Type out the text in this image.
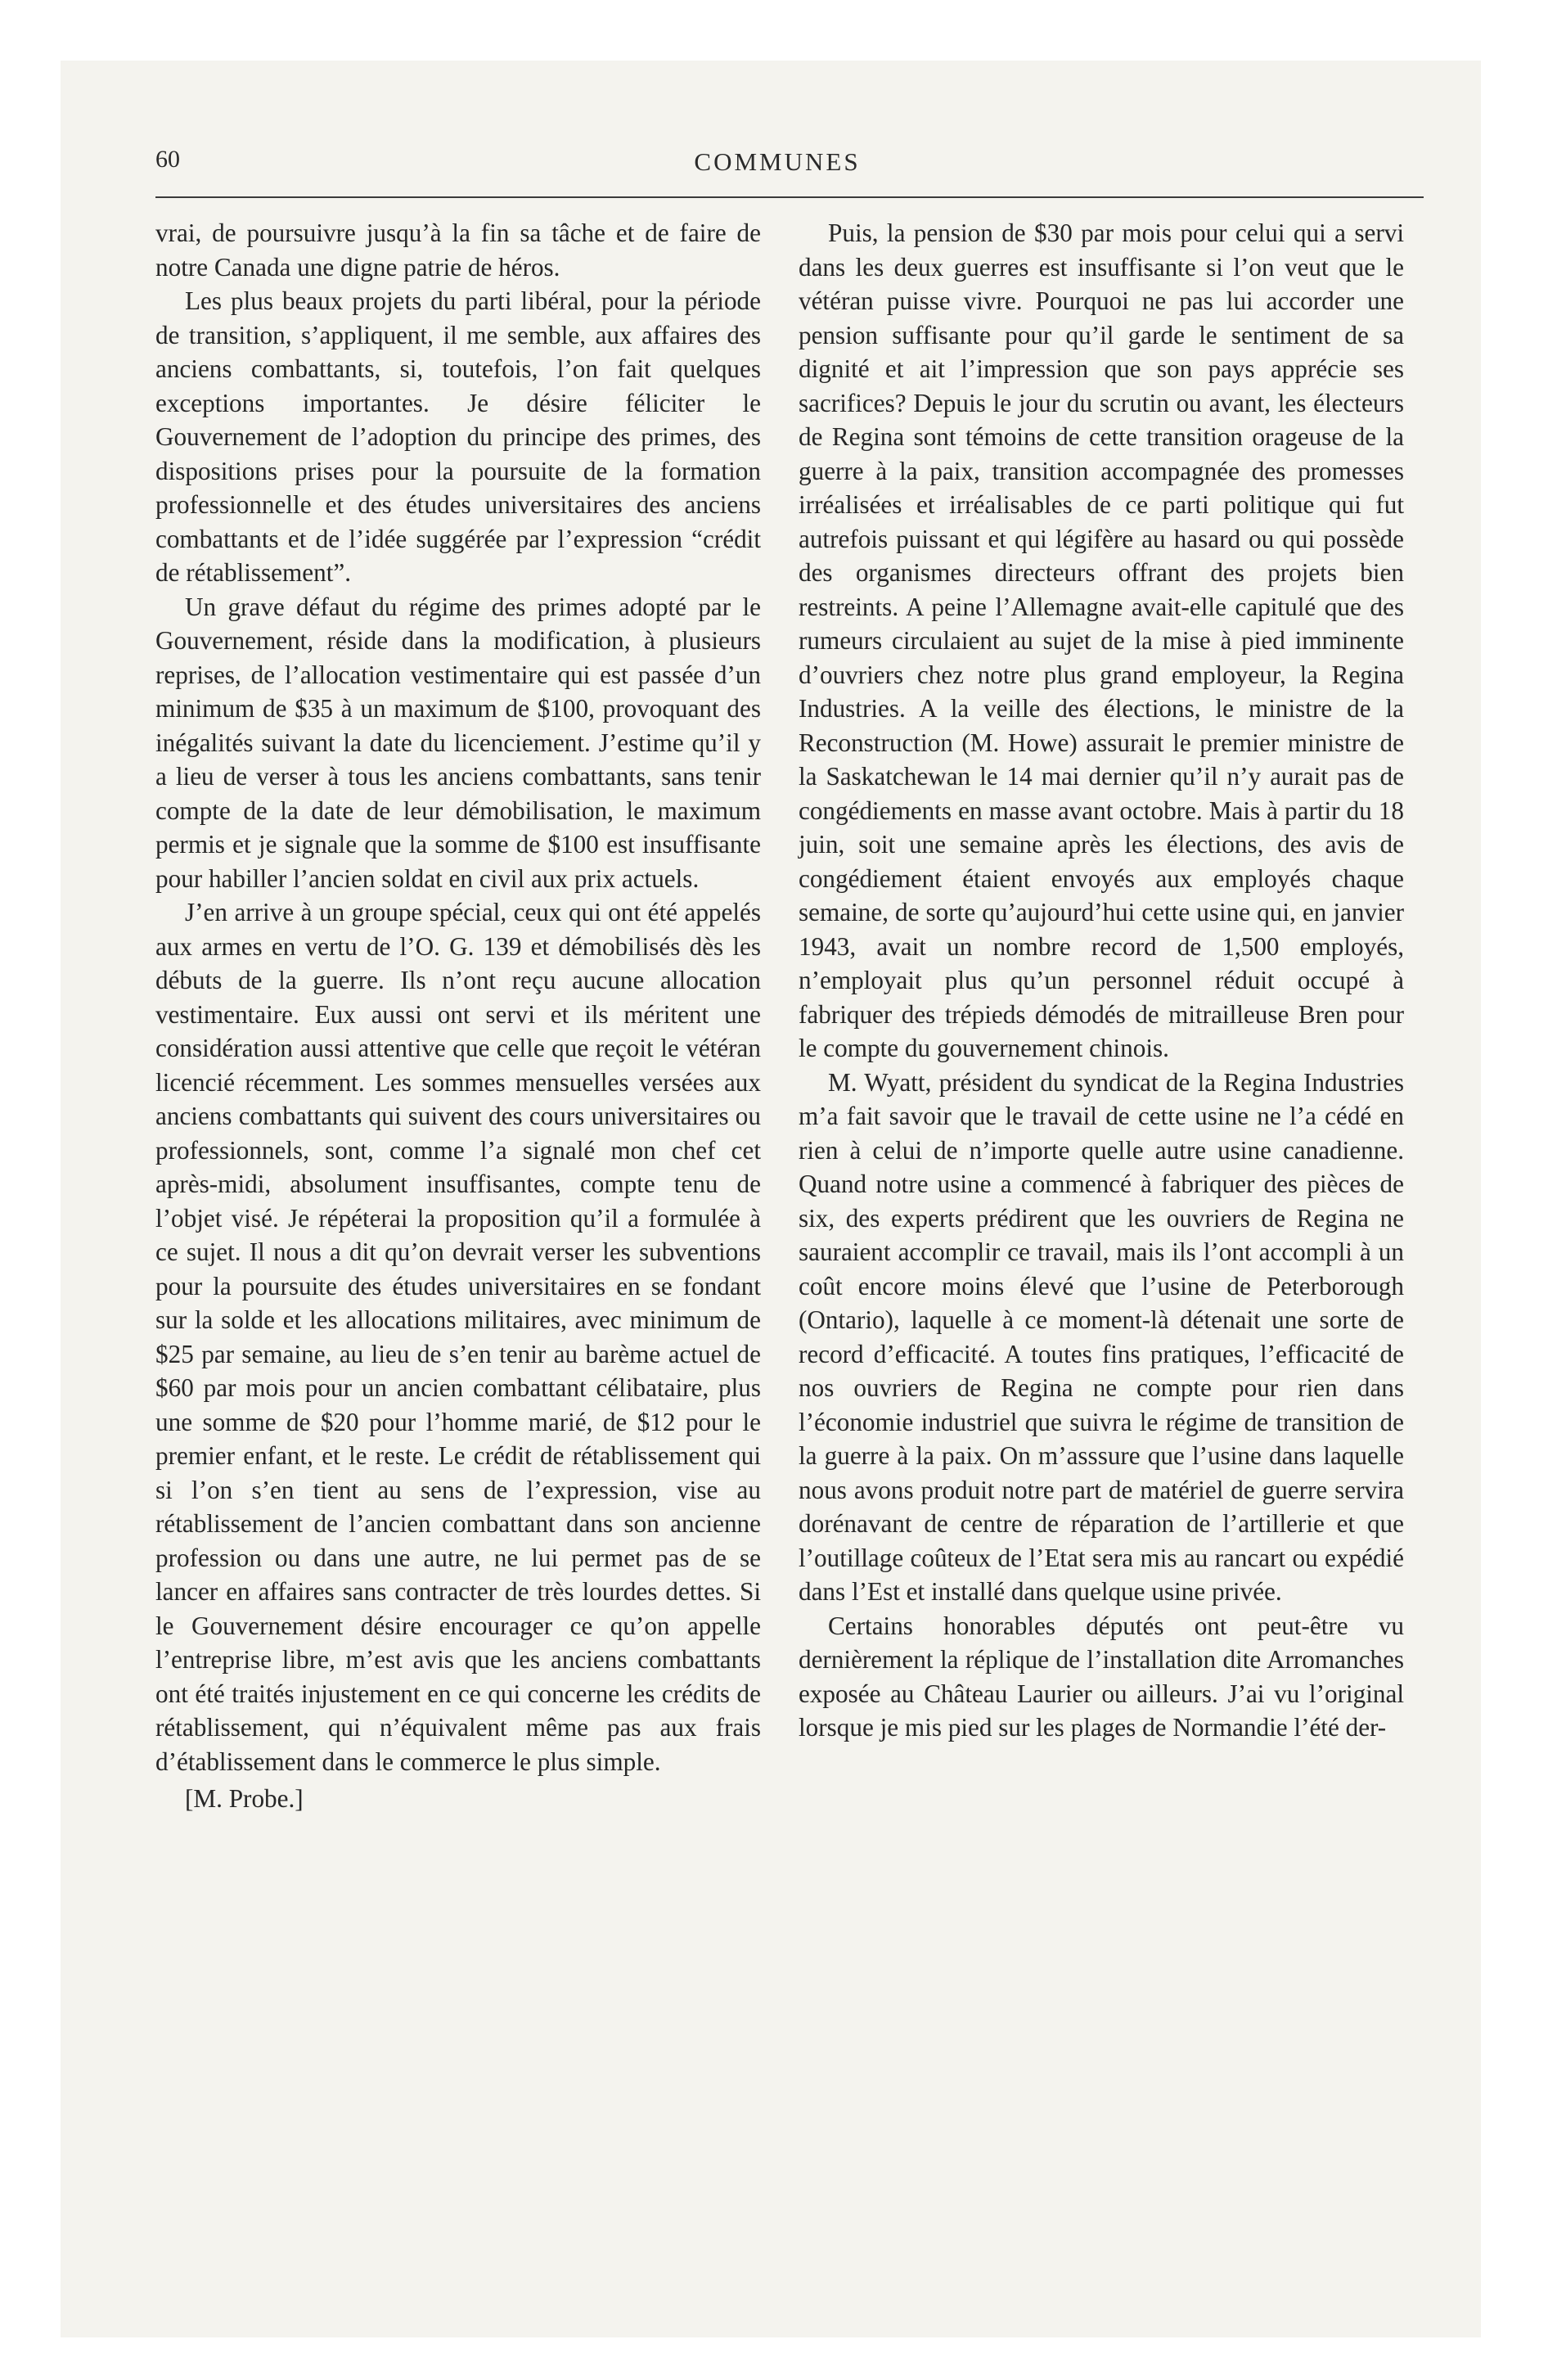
60	COMMUNES

vrai, de poursuivre jusqu’à la fin sa tâche et de faire de notre Canada une digne patrie de héros.

Les plus beaux projets du parti libéral, pour la période de transition, s’appliquent, il me semble, aux affaires des anciens combattants, si, toutefois, l’on fait quelques exceptions importantes. Je désire féliciter le Gouvernement de l’adoption du principe des primes, des dispositions prises pour la poursuite de la formation professionnelle et des études universitaires des anciens combattants et de l’idée suggérée par l’expression “crédit de rétablissement”.

Un grave défaut du régime des primes adopté par le Gouvernement, réside dans la modification, à plusieurs reprises, de l’allocation vestimentaire qui est passée d’un minimum de $35 à un maximum de $100, provoquant des inégalités suivant la date du licenciement. J’estime qu’il y a lieu de verser à tous les anciens combattants, sans tenir compte de la date de leur démobilisation, le maximum permis et je signale que la somme de $100 est insuffisante pour habiller l’ancien soldat en civil aux prix actuels.

J’en arrive à un groupe spécial, ceux qui ont été appelés aux armes en vertu de l’O. G. 139 et démobilisés dès les débuts de la guerre. Ils n’ont reçu aucune allocation vestimentaire. Eux aussi ont servi et ils méritent une considération aussi attentive que celle que reçoit le vétéran licencié récemment. Les sommes mensuelles versées aux anciens combattants qui suivent des cours universitaires ou professionnels, sont, comme l’a signalé mon chef cet après-midi, absolument insuffisantes, compte tenu de l’objet visé. Je répéterai la proposition qu’il a formulée à ce sujet. Il nous a dit qu’on devrait verser les subventions pour la poursuite des études universitaires en se fondant sur la solde et les allocations militaires, avec minimum de $25 par semaine, au lieu de s’en tenir au barème actuel de $60 par mois pour un ancien combattant célibataire, plus une somme de $20 pour l’homme marié, de $12 pour le premier enfant, et le reste. Le crédit de rétablissement qui si l’on s’en tient au sens de l’expression, vise au rétablissement de l’ancien combattant dans son ancienne profession ou dans une autre, ne lui permet pas de se lancer en affaires sans contracter de très lourdes dettes. Si le Gouvernement désire encourager ce qu’on appelle l’entreprise libre, m’est avis que les anciens combattants ont été traités injustement en ce qui concerne les crédits de rétablissement, qui n’équivalent même pas aux frais d’établissement dans le commerce le plus simple.

[M. Probe.]

Puis, la pension de $30 par mois pour celui qui a servi dans les deux guerres est insuffisante si l’on veut que le vétéran puisse vivre. Pourquoi ne pas lui accorder une pension suffisante pour qu’il garde le sentiment de sa dignité et ait l’impression que son pays apprécie ses sacrifices? Depuis le jour du scrutin ou avant, les électeurs de Regina sont témoins de cette transition orageuse de la guerre à la paix, transition accompagnée des promesses irréalisées et irréalisables de ce parti politique qui fut autrefois puissant et qui légifère au hasard ou qui possède des organismes directeurs offrant des projets bien restreints. A peine l’Allemagne avait-elle capitulé que des rumeurs circulaient au sujet de la mise à pied imminente d’ouvriers chez notre plus grand employeur, la Regina Industries. A la veille des élections, le ministre de la Reconstruction (M. Howe) assurait le premier ministre de la Saskatchewan le 14 mai dernier qu’il n’y aurait pas de congédiements en masse avant octobre. Mais à partir du 18 juin, soit une semaine après les élections, des avis de congédiement étaient envoyés aux employés chaque semaine, de sorte qu’aujourd’hui cette usine qui, en janvier 1943, avait un nombre record de 1,500 employés, n’employait plus qu’un personnel réduit occupé à fabriquer des trépieds démodés de mitrailleuse Bren pour le compte du gouvernement chinois.

M. Wyatt, président du syndicat de la Regina Industries m’a fait savoir que le travail de cette usine ne l’a cédé en rien à celui de n’importe quelle autre usine canadienne. Quand notre usine a commencé à fabriquer des pièces de six, des experts prédirent que les ouvriers de Regina ne sauraient accomplir ce travail, mais ils l’ont accompli à un coût encore moins élevé que l’usine de Peterborough (Ontario), laquelle à ce moment-là détenait une sorte de record d’efficacité. A toutes fins pratiques, l’efficacité de nos ouvriers de Regina ne compte pour rien dans l’économie industriel que suivra le régime de transition de la guerre à la paix. On m’asssure que l’usine dans laquelle nous avons produit notre part de matériel de guerre servira dorénavant de centre de réparation de l’artillerie et que l’outillage coûteux de l’Etat sera mis au rancart ou expédié dans l’Est et installé dans quelque usine privée.

Certains honorables députés ont peut-être vu dernièrement la réplique de l’installation dite Arromanches exposée au Château Laurier ou ailleurs. J’ai vu l’original lorsque je mis pied sur les plages de Normandie l’été der-
